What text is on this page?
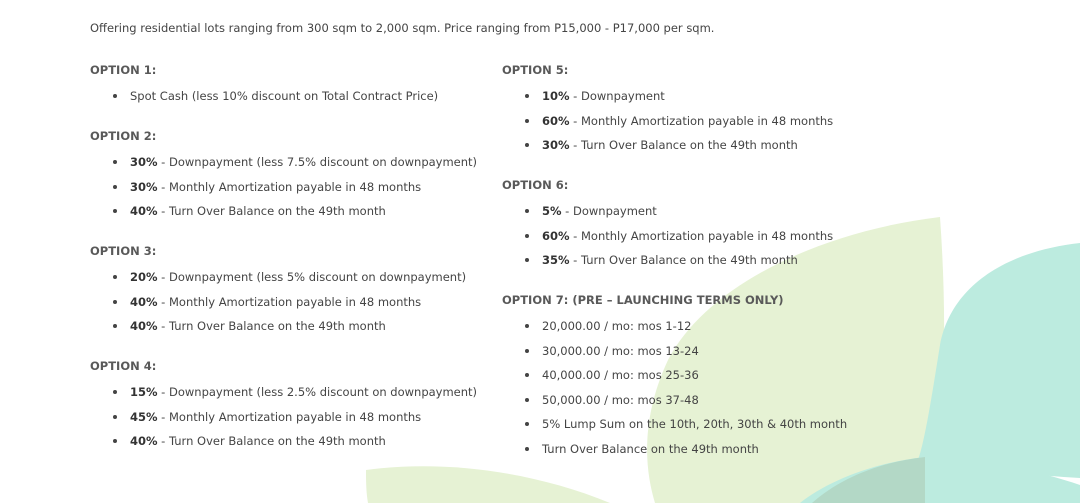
Offering residential lots ranging from 300 sqm to 2,000 sqm. Price ranging from P15,000 - P17,000 per sqm.

OPTION 1:
Spot Cash (less 10% discount on Total Contract Price)
OPTION 2:
30% - Downpayment (less 7.5% discount on downpayment)
30% - Monthly Amortization payable in 48 months
40% - Turn Over Balance on the 49th month
OPTION 3:
20% - Downpayment (less 5% discount on downpayment)
40% - Monthly Amortization payable in 48 months
40% - Turn Over Balance on the 49th month
OPTION 4:
15% - Downpayment (less 2.5% discount on downpayment)
45% - Monthly Amortization payable in 48 months
40% - Turn Over Balance on the 49th month
OPTION 5:
10% - Downpayment
60% - Monthly Amortization payable in 48 months
30% - Turn Over Balance on the 49th month
OPTION 6:
5% - Downpayment
60% - Monthly Amortization payable in 48 months
35% - Turn Over Balance on the 49th month
OPTION 7: (PRE – LAUNCHING TERMS ONLY)
20,000.00 / mo: mos 1-12
30,000.00 / mo: mos 13-24
40,000.00 / mo: mos 25-36
50,000.00 / mo: mos 37-48
5% Lump Sum on the 10th, 20th, 30th & 40th month
Turn Over Balance on the 49th month
